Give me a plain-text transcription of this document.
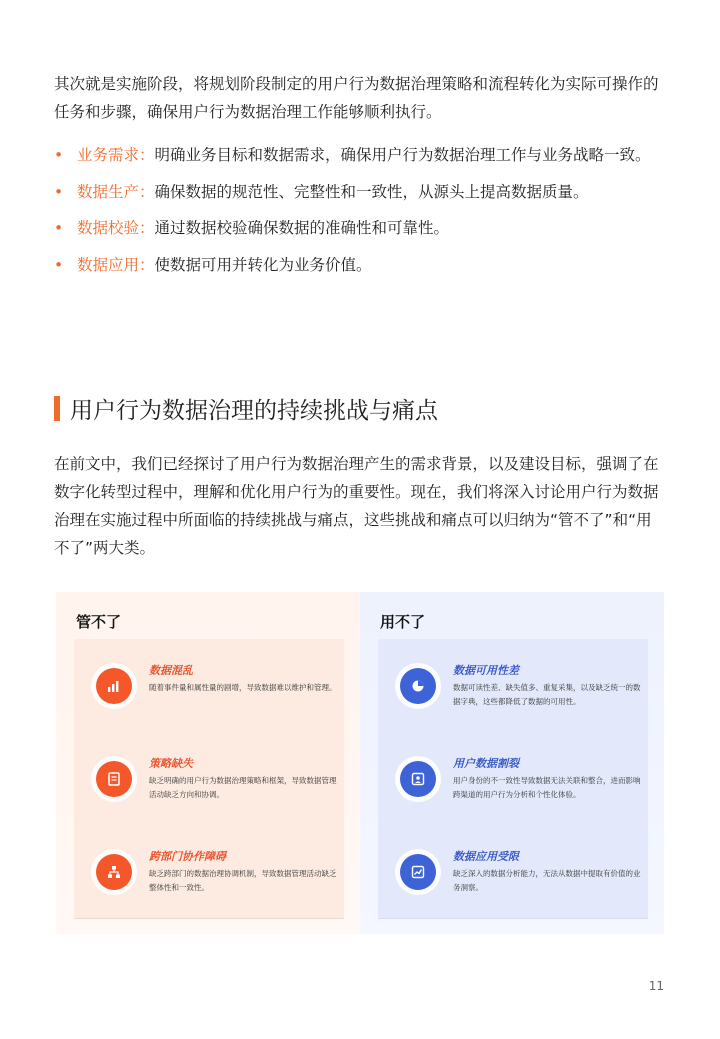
其次就是实施阶段，将规划阶段制定的用户行为数据治理策略和流程转化为实际可操作的任务和步骤，确保用户行为数据治理工作能够顺利执行。

• 业务需求：明确业务目标和数据需求，确保用户行为数据治理工作与业务战略一致。
• 数据生产：确保数据的规范性、完整性和一致性，从源头上提高数据质量。
• 数据校验：通过数据校验确保数据的准确性和可靠性。
• 数据应用：使数据可用并转化为业务价值。
用户行为数据治理的持续挑战与痛点

在前文中，我们已经探讨了用户行为数据治理产生的需求背景，以及建设目标，强调了在数字化转型过程中，理解和优化用户行为的重要性。现在，我们将深入讨论用户行为数据治理在实施过程中所面临的持续挑战与痛点，这些挑战和痛点可以归纳为“管不了”和“用不了”两大类。

管不了
数据混乱
随着事件量和属性量的剧增，导致数据难以维护和管理。
策略缺失
缺乏明确的用户行为数据治理策略和框架，导致数据管理活动缺乏方向和协调。
跨部门协作障碍
缺乏跨部门的数据治理协调机制，导致数据管理活动缺乏整体性和一致性。
用不了
数据可用性差
数据可读性差、缺失值多、重复采集，以及缺乏统一的数据字典，这些都降低了数据的可用性。
用户数据割裂
用户身份的不一致性导致数据无法关联和整合，进而影响跨渠道的用户行为分析和个性化体验。
数据应用受限
缺乏深入的数据分析能力，无法从数据中提取有价值的业务洞察。
11
